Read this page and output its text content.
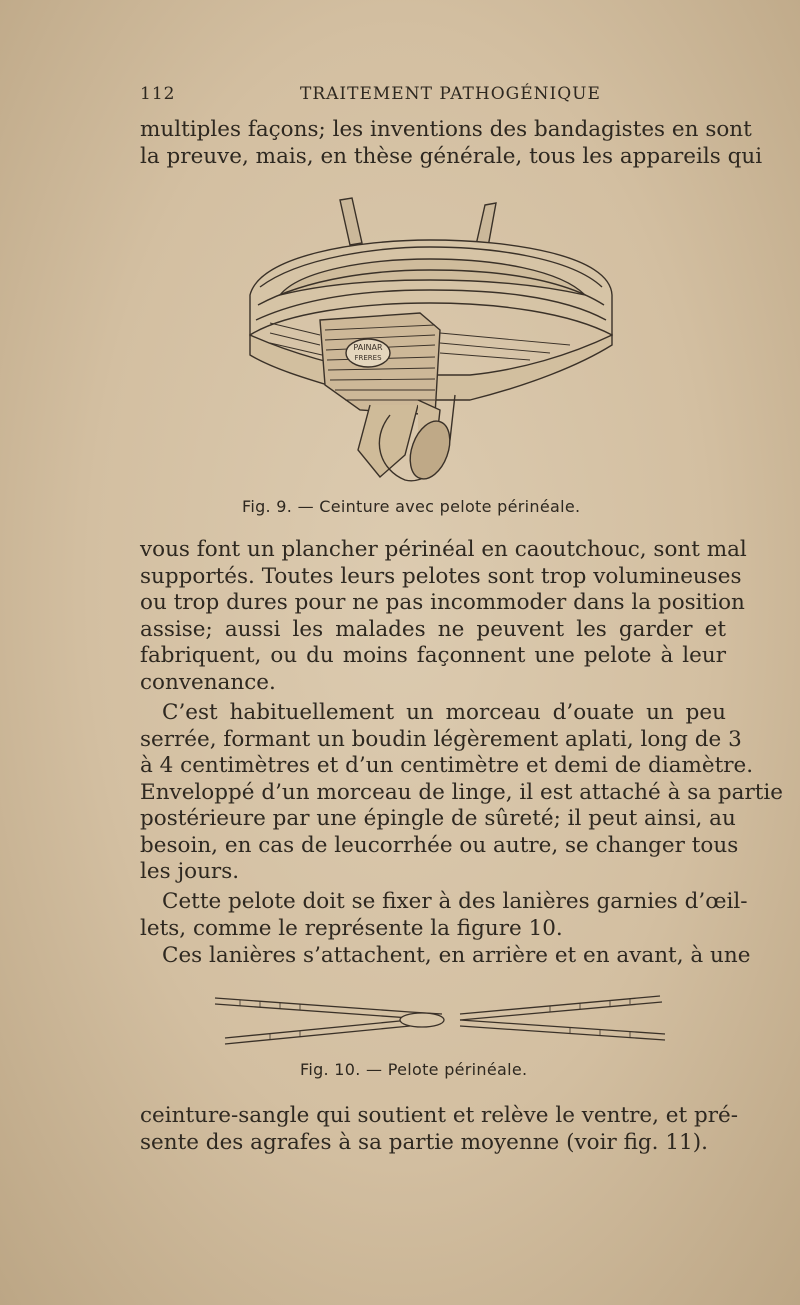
112	TRAITEMENT PATHOGÉNIQUE
multiples façons; les inventions des bandagistes en sont
la preuve, mais, en thèse générale, tous les appareils qui
PAINAR
FRERES
Fig. 9. — Ceinture avec pelote périnéale.
vous font un plancher périnéal en caoutchouc, sont mal
supportés. Toutes leurs pelotes sont trop volumineuses
ou trop dures pour ne pas incommoder dans la position
assise; aussi les malades ne peuvent les garder et
fabriquent, ou du moins façonnent une pelote à leur
convenance.
C’est habituellement un morceau d’ouate un peu
serrée, formant un boudin légèrement aplati, long de 3
à 4 centimètres et d’un centimètre et demi de diamètre.
Enveloppé d’un morceau de linge, il est attaché à sa partie
postérieure par une épingle de sûreté; il peut ainsi, au
besoin, en cas de leucorrhée ou autre, se changer tous
les jours.
Cette pelote doit se fixer à des lanières garnies d’œil-
lets, comme le représente la figure 10.
Ces lanières s’attachent, en arrière et en avant, à une
Fig. 10. — Pelote périnéale.
ceinture-sangle qui soutient et relève le ventre, et pré-
sente des agrafes à sa partie moyenne (voir fig. 11).
